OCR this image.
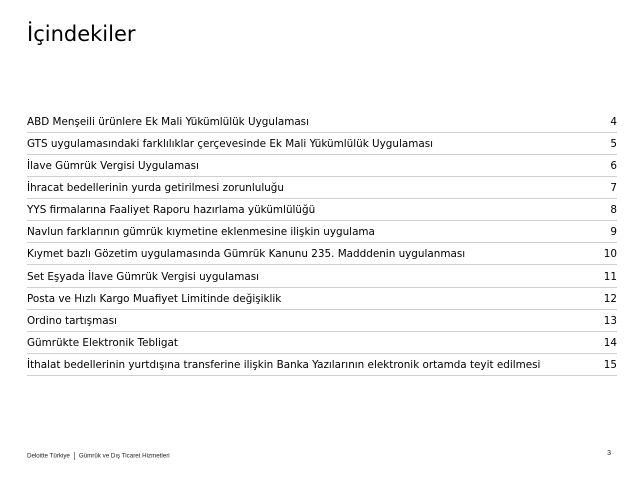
İçindekiler
ABD Menşeili ürünlere Ek Mali Yükümlülük Uygulaması	4
GTS uygulamasındaki farklılıklar çerçevesinde Ek Mali Yükümlülük Uygulaması	5
İlave Gümrük Vergisi Uygulaması	6
İhracat bedellerinin yurda getirilmesi zorunluluğu	7
YYS firmalarına Faaliyet Raporu hazırlama yükümlülüğü	8
Navlun farklarının gümrük kıymetine eklenmesine ilişkin uygulama	9
Kıymet bazlı Gözetim uygulamasında Gümrük Kanunu 235. Madddenin uygulanması	10
Set Eşyada İlave Gümrük Vergisi uygulaması	11
Posta ve Hızlı Kargo Muafiyet Limitinde değişiklik	12
Ordino tartışması	13
Gümrükte Elektronik Tebligat	14
İthalat bedellerinin yurtdışına transferine ilişkin Banka Yazılarının elektronik ortamda teyit edilmesi	15
Deloitte Türkiye Gümrük ve Dış Ticaret Hizmetleri	3
